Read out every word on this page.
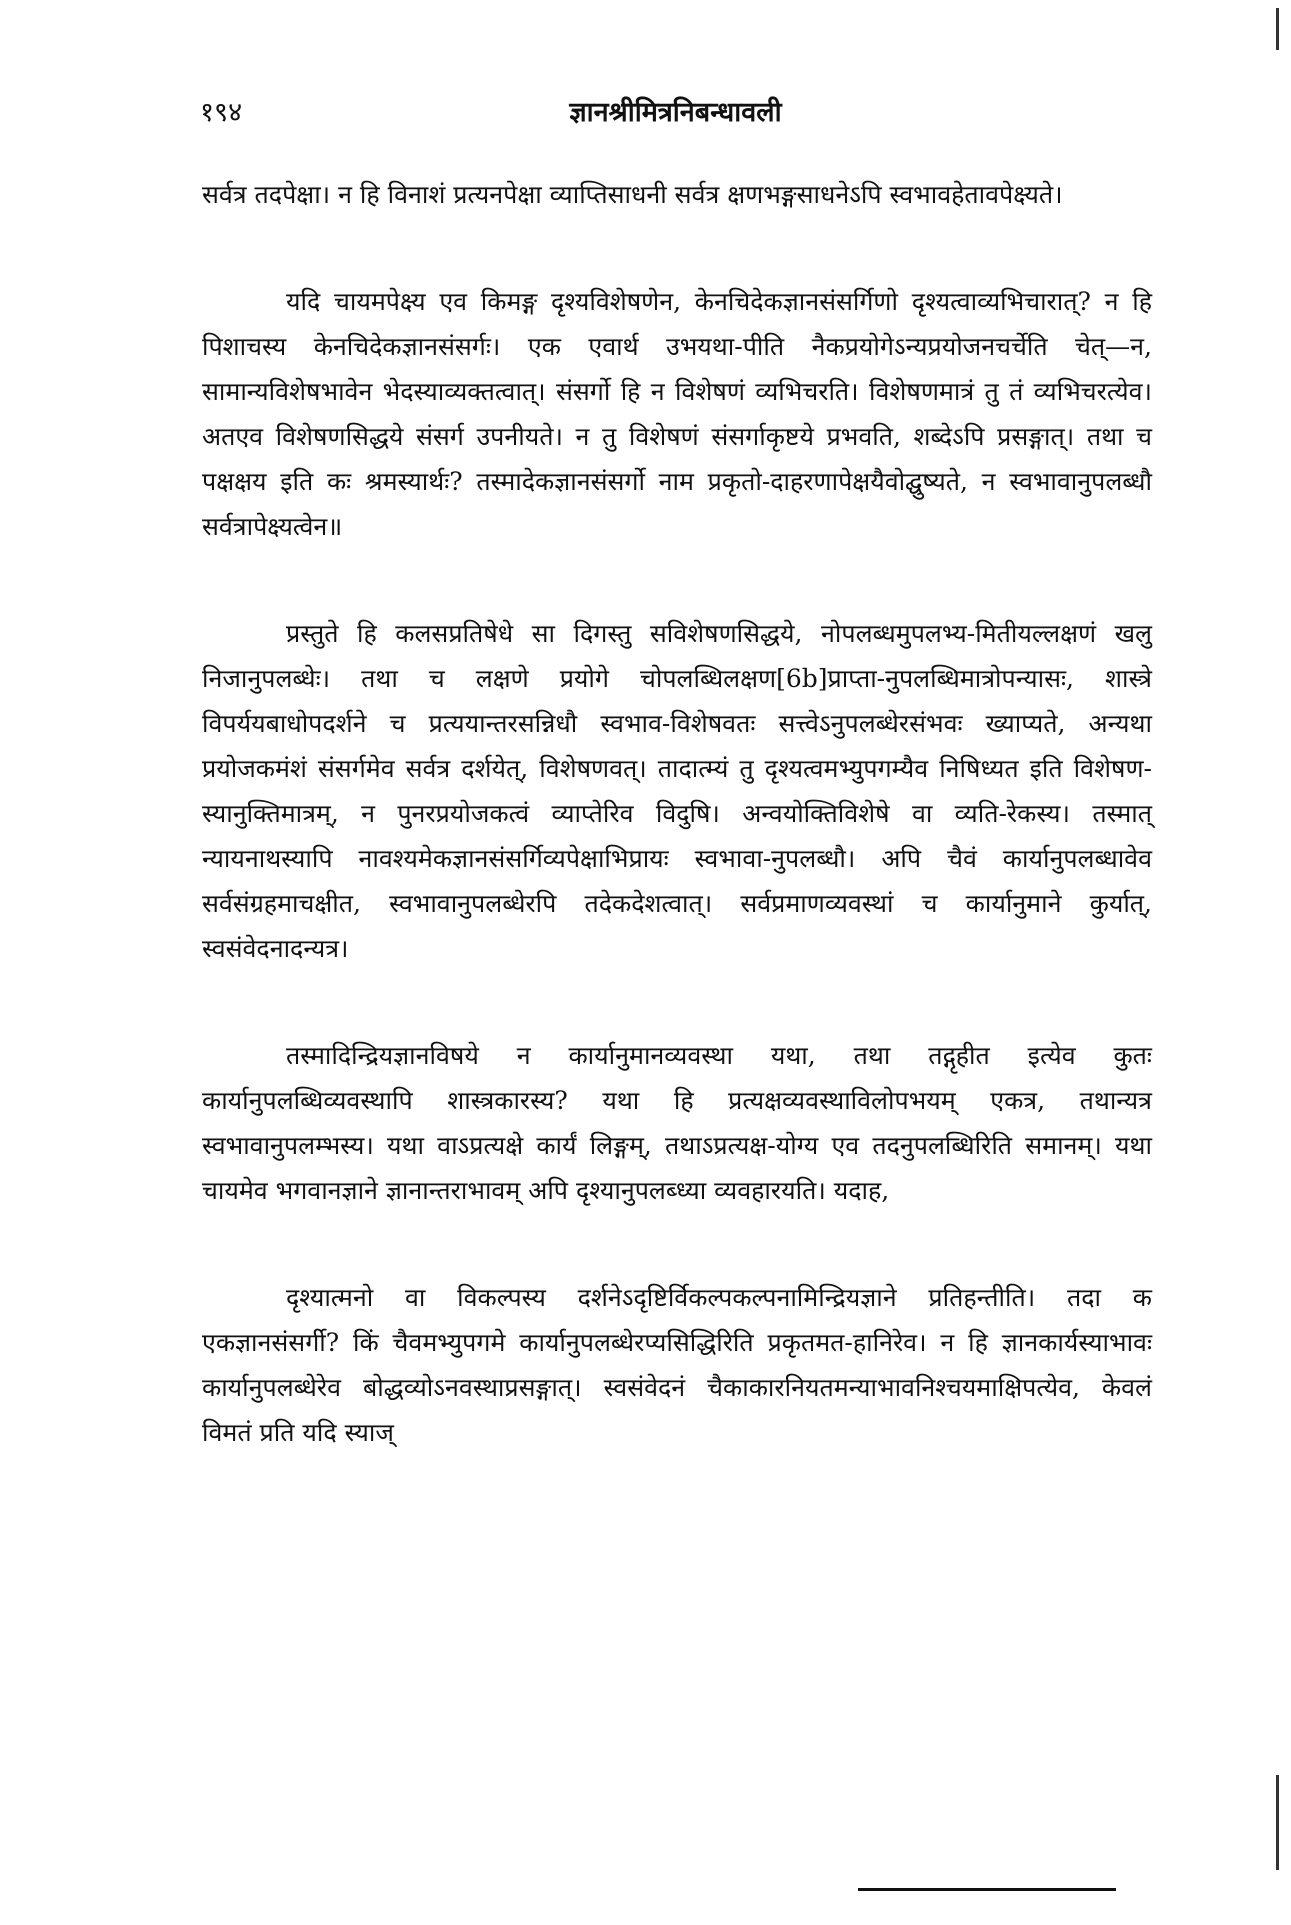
१९४	ज्ञानश्रीमित्रनिबन्धावली

सर्वत्र तदपेक्षा। न हि विनाशं प्रत्यनपेक्षा व्याप्तिसाधनी सर्वत्र क्षणभङ्गसाधनेऽपि स्वभावहेतावपेक्ष्यते।

यदि चायमपेक्ष्य एव किमङ्ग दृश्यविशेषणेन, केनचिदेकज्ञानसंसर्गिणो दृश्यत्वाव्यभिचारात्? न हि पिशाचस्य केनचिदेकज्ञानसंसर्गः। एक एवार्थ उभयथा-पीति नैकप्रयोगेऽन्यप्रयोजनचर्चेति चेत्—न, सामान्यविशेषभावेन भेदस्याव्यक्तत्वात्। संसर्गो हि न विशेषणं व्यभिचरति। विशेषणमात्रं तु तं व्यभिचरत्येव। अतएव विशेषणसिद्धये संसर्ग उपनीयते। न तु विशेषणं संसर्गाकृष्टये प्रभवति, शब्देऽपि प्रसङ्गात्। तथा च पक्षक्षय इति कः श्रमस्यार्थः? तस्मादेकज्ञानसंसर्गो नाम प्रकृतो-दाहरणापेक्षयैवोद्घुष्यते, न स्वभावानुपलब्धौ सर्वत्रापेक्ष्यत्वेन॥

प्रस्तुते हि कलसप्रतिषेधे सा दिगस्तु सविशेषणसिद्धये, नोपलब्धमुपलभ्य-मितीयल्लक्षणं खलु निजानुपलब्धेः। तथा च लक्षणे प्रयोगे चोपलब्धिलक्षण[6b]प्राप्ता-नुपलब्धिमात्रोपन्यासः, शास्त्रे विपर्ययबाधोपदर्शने च प्रत्ययान्तरसन्निधौ स्वभाव-विशेषवतः सत्त्वेऽनुपलब्धेरसंभवः ख्याप्यते, अन्यथा प्रयोजकमंशं संसर्गमेव सर्वत्र दर्शयेत्, विशेषणवत्। तादात्म्यं तु दृश्यत्वमभ्युपगम्यैव निषिध्यत इति विशेषण-स्यानुक्तिमात्रम्, न पुनरप्रयोजकत्वं व्याप्तेरिव विदुषि। अन्वयोक्तिविशेषे वा व्यति-रेकस्य। तस्मात् न्यायनाथस्यापि नावश्यमेकज्ञानसंसर्गिव्यपेक्षाभिप्रायः स्वभावा-नुपलब्धौ। अपि चैवं कार्यानुपलब्धावेव सर्वसंग्रहमाचक्षीत, स्वभावानुपलब्धेरपि तदेकदेशत्वात्। सर्वप्रमाणव्यवस्थां च कार्यानुमाने कुर्यात्, स्वसंवेदनादन्यत्र।

तस्मादिन्द्रियज्ञानविषये न कार्यानुमानव्यवस्था यथा, तथा तद्गृहीत इत्येव कुतः कार्यानुपलब्धिव्यवस्थापि शास्त्रकारस्य? यथा हि प्रत्यक्षव्यवस्थाविलोपभयम् एकत्र, तथान्यत्र स्वभावानुपलम्भस्य। यथा वाऽप्रत्यक्षे कार्यं लिङ्गम्, तथाऽप्रत्यक्ष-योग्य एव तदनुपलब्धिरिति समानम्। यथा चायमेव भगवानज्ञाने ज्ञानान्तराभावम् अपि दृश्यानुपलब्ध्या व्यवहारयति। यदाह,

दृश्यात्मनो वा विकल्पस्य दर्शनेऽदृष्टिर्विकल्पकल्पनामिन्द्रियज्ञाने प्रतिहन्तीति। तदा क एकज्ञानसंसर्गी? किं चैवमभ्युपगमे कार्यानुपलब्धेरप्यसिद्धिरिति प्रकृतमत-हानिरेव। न हि ज्ञानकार्यस्याभावः कार्यानुपलब्धेरेव बोद्धव्योऽनवस्थाप्रसङ्गात्। स्वसंवेदनं चैकाकारनियतमन्याभावनिश्चयमाक्षिपत्येव, केवलं विमतं प्रति यदि स्याज्
